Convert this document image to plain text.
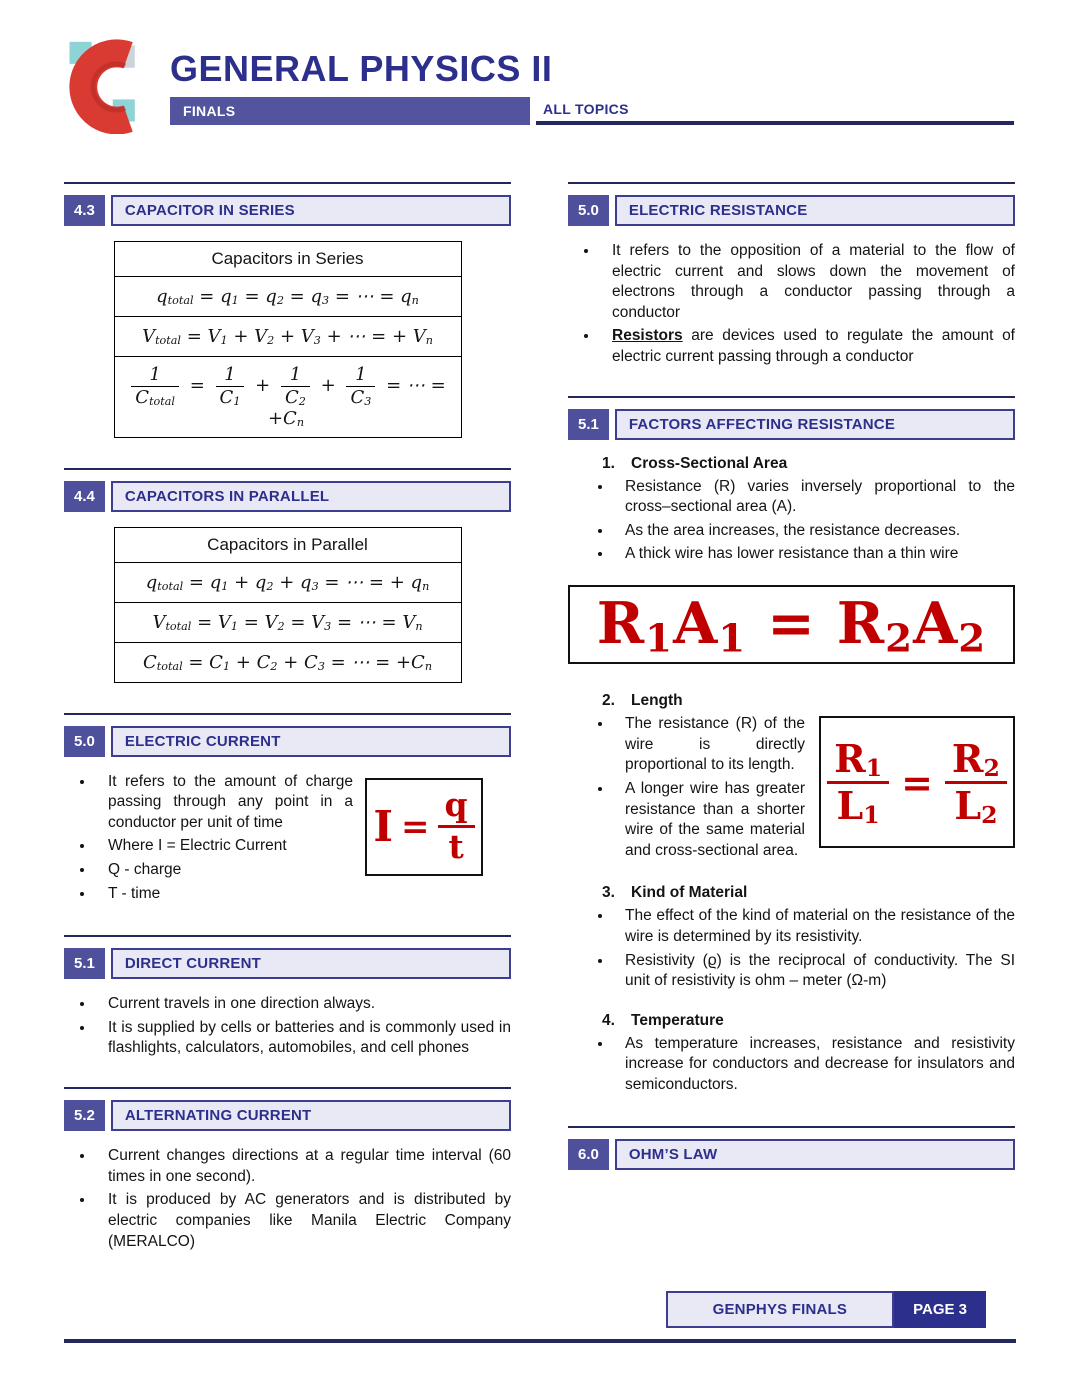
GENERAL PHYSICS II
FINALS	ALL TOPICS
4.3	CAPACITOR IN SERIES
Capacitors in Series
$q_{total} = q_1 = q_2 = q_3$ = ⋯ = $q_n$
$V_{total} = V_1 + V_2 + V_3$ + ⋯ = + $V_n$

$\frac{1}{C_{total}} = \frac{1}{C_1} + \frac{1}{C_2} + \frac{1}{C_3}$ = ⋯ = $+C_n$
4.4	CAPACITORS IN PARALLEL
Capacitors in Parallel
$q_{total} = q_1 + q_2 + q_3$ = ⋯ = + $q_n$
$V_{total} = V_1 = V_2 = V_3$ = ⋯ = $V_n$
$C_{total} = C_1 + C_2 + C_3$ = ⋯ = $+C_n$
5.0	ELECTRIC CURRENT
• It refers to the amount of charge passing through any point in a conductor per unit of time
• Where I = Electric Current
• Q - charge
• T - time
$I = \frac{q}{t}$
5.1	DIRECT CURRENT
• Current travels in one direction always.
• It is supplied by cells or batteries and is commonly used in flashlights, calculators, automobiles, and cell phones
5.2	ALTERNATING CURRENT
• Current changes directions at a regular time interval (60 times in one second).
• It is produced by AC generators and is distributed by electric companies like Manila Electric Company (MERALCO)
5.0	ELECTRIC RESISTANCE
• It refers to the opposition of a material to the flow of electric current and slows down the movement of electrons through a conductor passing through a conductor
• Resistors are devices used to regulate the amount of electric current passing through a conductor
5.1	FACTORS AFFECTING RESISTANCE
1. Cross-Sectional Area
• Resistance (R) varies inversely proportional to the cross–sectional area (A).
• As the area increases, the resistance decreases.
• A thick wire has lower resistance than a thin wire
$R_1A_1 = R_2A_2$
2. Length
$\frac{R_1}{L_1} = \frac{R_2}{L_2}$
• The resistance (R) of the wire is directly proportional to its length.
• A longer wire has greater resistance than a shorter wire of the same material and cross-sectional area.
3. Kind of Material
• The effect of the kind of material on the resistance of the wire is determined by its resistivity.
• Resistivity (ϱ) is the reciprocal of conductivity. The SI unit of resistivity is ohm – meter (Ω-m)
4. Temperature
• As temperature increases, resistance and resistivity increase for conductors and decrease for insulators and semiconductors.
6.0	OHM’S LAW
GENPHYS FINALS	PAGE 3
